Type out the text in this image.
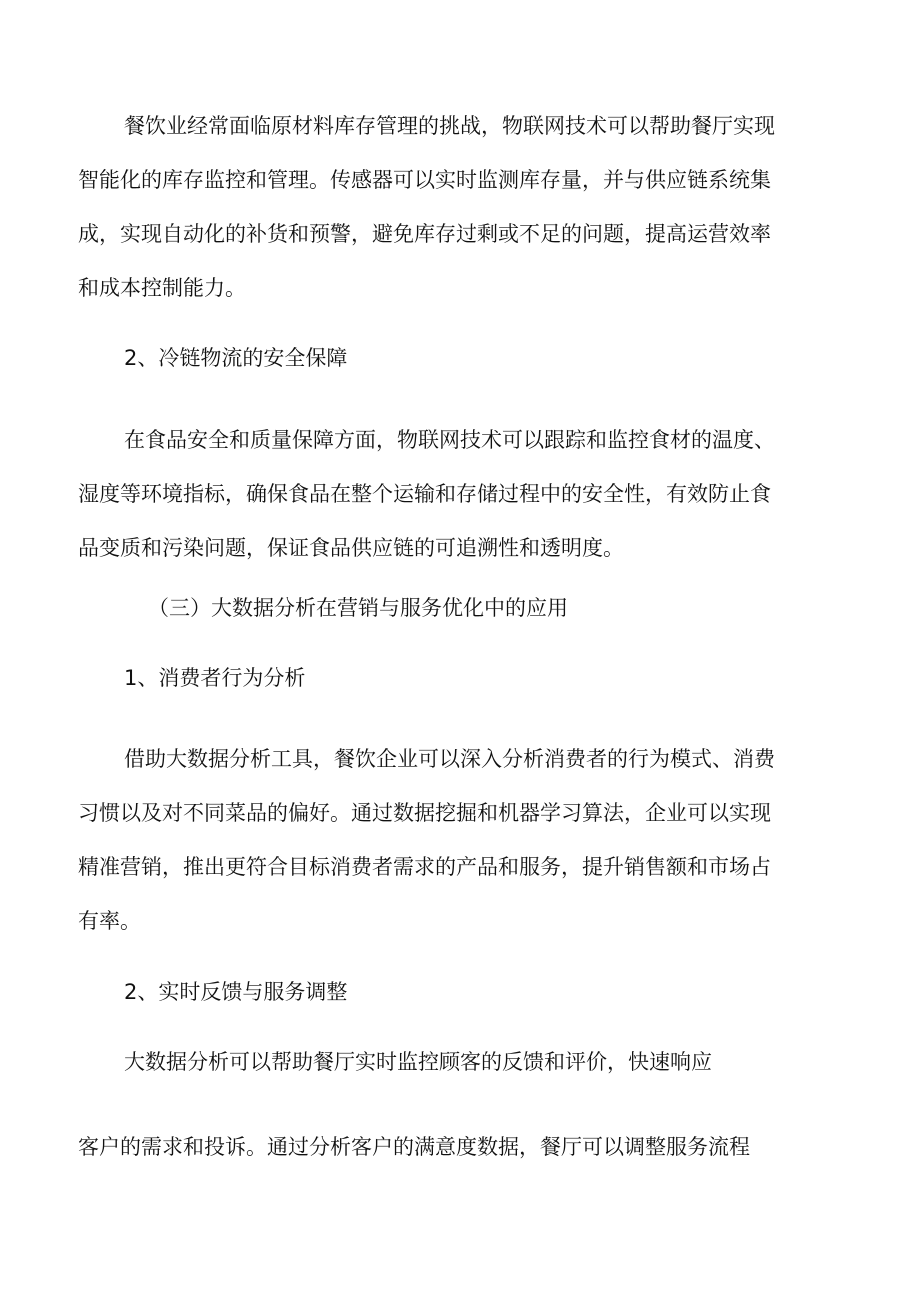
餐饮业经常面临原材料库存管理的挑战，物联网技术可以帮助餐厅实现
智能化的库存监控和管理。传感器可以实时监测库存量，并与供应链系统集
成，实现自动化的补货和预警，避免库存过剩或不足的问题，提高运营效率
和成本控制能力。
2、冷链物流的安全保障
在食品安全和质量保障方面，物联网技术可以跟踪和监控食材的温度、
湿度等环境指标，确保食品在整个运输和存储过程中的安全性，有效防止食
品变质和污染问题，保证食品供应链的可追溯性和透明度。
（三）大数据分析在营销与服务优化中的应用
1、消费者行为分析
借助大数据分析工具，餐饮企业可以深入分析消费者的行为模式、消费
习惯以及对不同菜品的偏好。通过数据挖掘和机器学习算法，企业可以实现
精准营销，推出更符合目标消费者需求的产品和服务，提升销售额和市场占
有率。
2、实时反馈与服务调整
大数据分析可以帮助餐厅实时监控顾客的反馈和评价，快速响应
客户的需求和投诉。通过分析客户的满意度数据，餐厅可以调整服务流程
